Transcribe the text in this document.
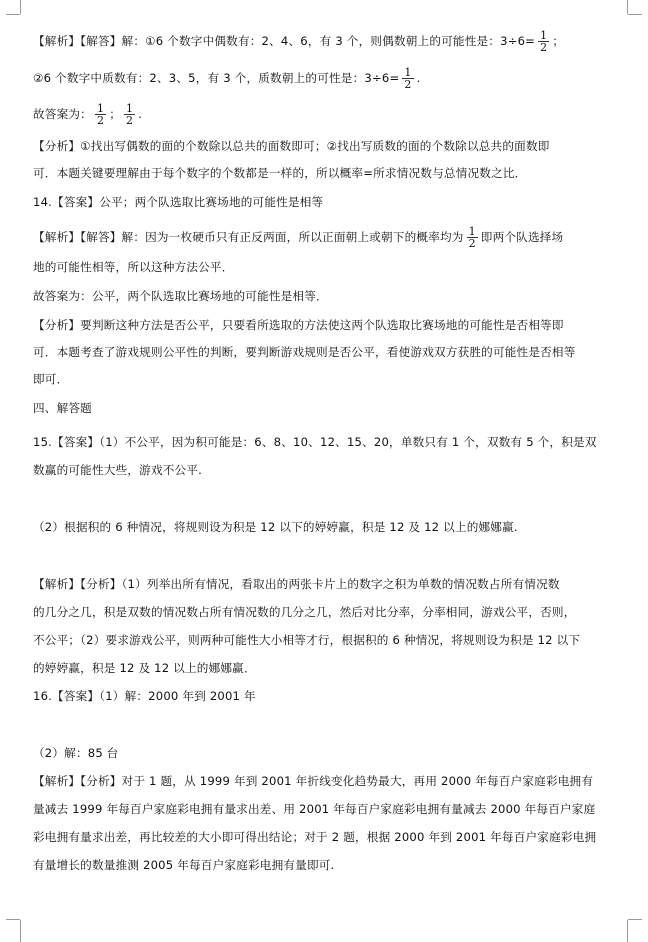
【解析】【解答】解：①6 个数字中偶数有：2、4、6，有 3 个，则偶数朝上的可能性是：$3\div 6= \frac{1}{2}$ ；
②6 个数字中质数有：2、3、5，有 3 个，质数朝上的可性是：$3\div 6= \frac{1}{2}$ .
故答案为： $\frac{1}{2}$ ； $\frac{1}{2}$ .
【分析】①找出写偶数的面的个数除以总共的面数即可；②找出写质数的面的个数除以总共的面数即
可．本题关键要理解由于每个数字的个数都是一样的，所以概率=所求情况数与总情况数之比．
14.【答案】公平；两个队选取比赛场地的可能性是相等
【解析】【解答】解：因为一枚硬币只有正反两面，所以正面朝上或朝下的概率均为 $\frac{1}{2}$ 即两个队选择场
地的可能性相等，所以这种方法公平．
故答案为：公平，两个队选取比赛场地的可能性是相等．
【分析】要判断这种方法是否公平，只要看所选取的方法使这两个队选取比赛场地的可能性是否相等即
可．本题考查了游戏规则公平性的判断，要判断游戏规则是否公平，看使游戏双方获胜的可能性是否相等
即可．
四、解答题
15.【答案】（1）不公平，因为积可能是：6、8、10、12、15、20，单数只有 1 个，双数有 5 个，积是双
数赢的可能性大些，游戏不公平.
（2）根据积的 6 种情况，将规则设为积是 12 以下的婷婷赢，积是 12 及 12 以上的娜娜赢.
【解析】【分析】（1）列举出所有情况，看取出的两张卡片上的数字之积为单数的情况数占所有情况数
的几分之几，积是双数的情况数占所有情况数的几分之几，然后对比分率，分率相同，游戏公平，否则，
不公平；（2）要求游戏公平，则两种可能性大小相等才行，根据积的 6 种情况，将规则设为积是 12 以下
的婷婷赢，积是 12 及 12 以上的娜娜赢．
16.【答案】（1）解：2000 年到 2001 年
（2）解：85 台
【解析】【分析】对于 1 题，从 1999 年到 2001 年折线变化趋势最大，再用 2000 年每百户家庭彩电拥有
量减去 1999 年每百户家庭彩电拥有量求出差、用 2001 年每百户家庭彩电拥有量减去 2000 年每百户家庭
彩电拥有量求出差，再比较差的大小即可得出结论；对于 2 题，根据 2000 年到 2001 年每百户家庭彩电拥
有量增长的数量推测 2005 年每百户家庭彩电拥有量即可.
